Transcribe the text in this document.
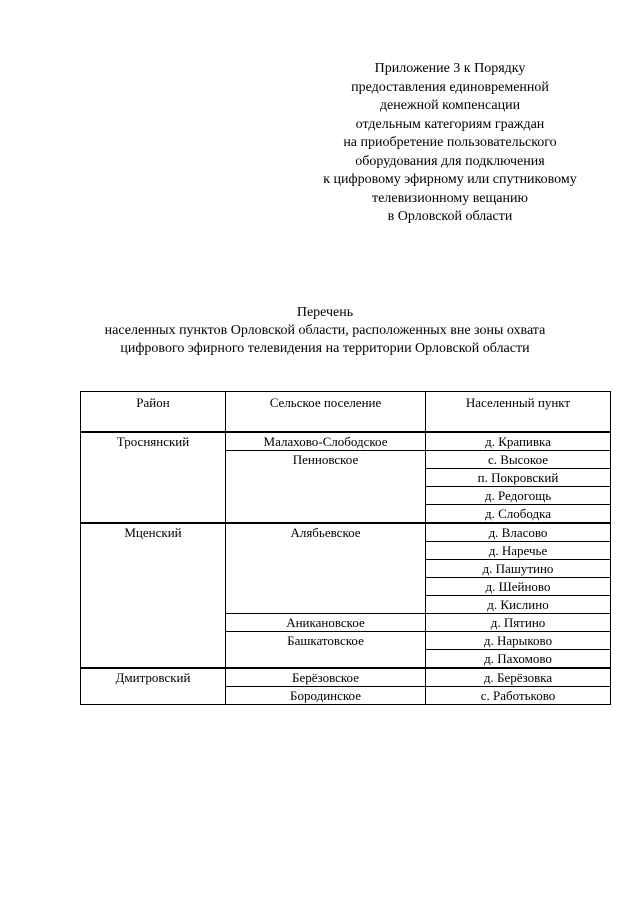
Приложение 3 к Порядку
предоставления единовременной
денежной компенсации
отдельным категориям граждан
на приобретение пользовательского
оборудования для подключения
к цифровому эфирному или спутниковому
телевизионному вещанию
в Орловской области
Перечень
населенных пунктов Орловской области, расположенных вне зоны охвата
цифрового эфирного телевидения на территории Орловской области
Район	Сельское поселение	Населенный пункт
Троснянский	Малахово-Слободское	д. Крапивка
	Пенновское	с. Высокое
		п. Покровский
		д. Редогощь
		д. Слободка
Мценский	Алябьевское	д. Власово
		д. Наречье
		д. Пашутино
		д. Шейново
		д. Кислино
	Аникановское	д. Пятино
	Башкатовское	д. Нарыково
		д. Пахомово
Дмитровский	Берёзовское	д. Берёзовка
	Бородинское	с. Работьково
